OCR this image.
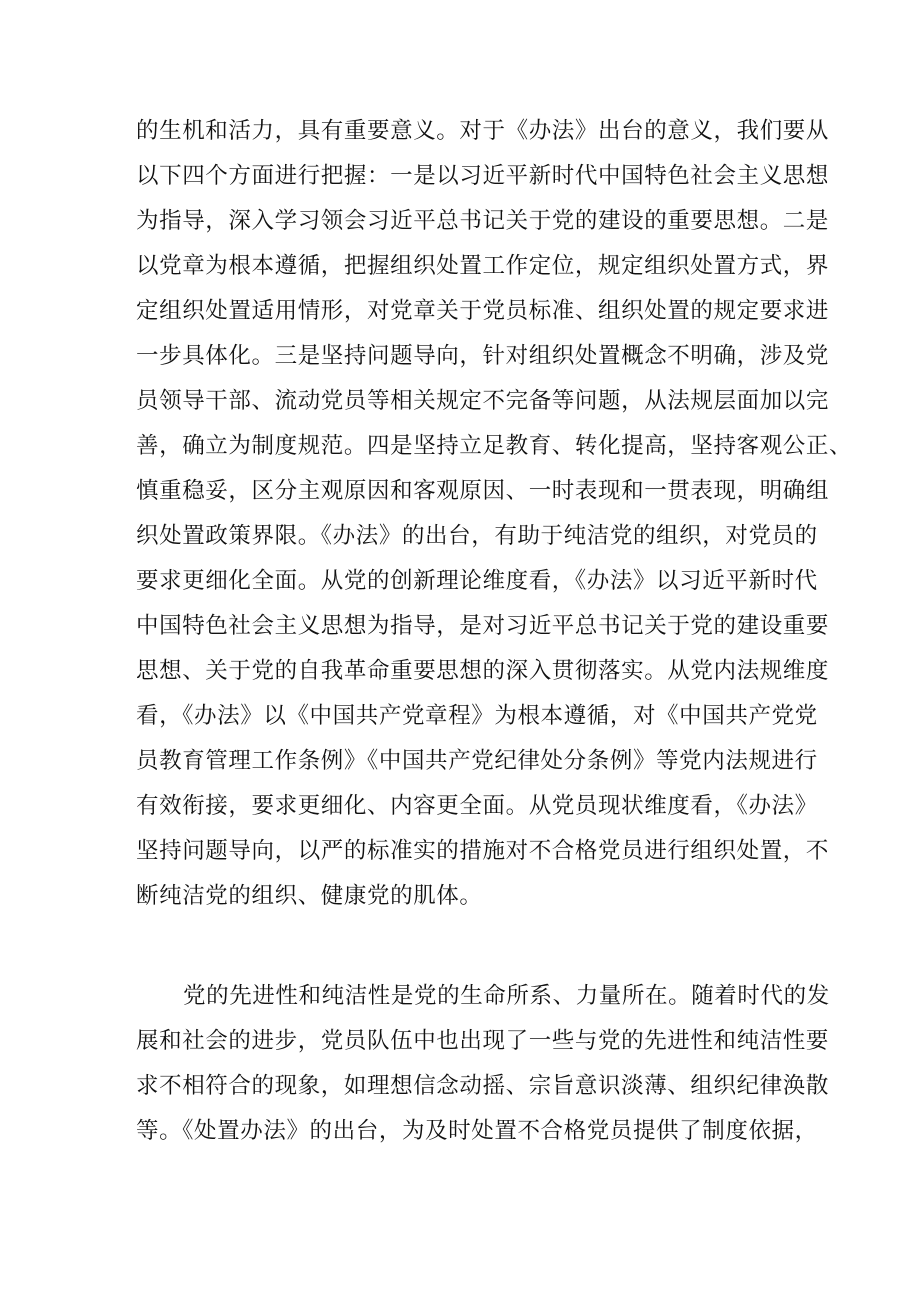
的生机和活力，具有重要意义。对于《办法》出台的意义，我们要从
以下四个方面进行把握：一是以习近平新时代中国特色社会主义思想
为指导，深入学习领会习近平总书记关于党的建设的重要思想。二是
以党章为根本遵循，把握组织处置工作定位，规定组织处置方式，界
定组织处置适用情形，对党章关于党员标准、组织处置的规定要求进
一步具体化。三是坚持问题导向，针对组织处置概念不明确，涉及党
员领导干部、流动党员等相关规定不完备等问题，从法规层面加以完
善，确立为制度规范。四是坚持立足教育、转化提高，坚持客观公正、
慎重稳妥，区分主观原因和客观原因、一时表现和一贯表现，明确组
织处置政策界限。《办法》的出台，有助于纯洁党的组织，对党员的
要求更细化全面。从党的创新理论维度看，《办法》以习近平新时代
中国特色社会主义思想为指导，是对习近平总书记关于党的建设重要
思想、关于党的自我革命重要思想的深入贯彻落实。从党内法规维度
看，《办法》以《中国共产党章程》为根本遵循，对《中国共产党党
员教育管理工作条例》《中国共产党纪律处分条例》等党内法规进行
有效衔接，要求更细化、内容更全面。从党员现状维度看，《办法》
坚持问题导向，以严的标准实的措施对不合格党员进行组织处置，不
断纯洁党的组织、健康党的肌体。
党的先进性和纯洁性是党的生命所系、力量所在。随着时代的发
展和社会的进步，党员队伍中也出现了一些与党的先进性和纯洁性要
求不相符合的现象，如理想信念动摇、宗旨意识淡薄、组织纪律涣散
等。《处置办法》的出台，为及时处置不合格党员提供了制度依据，
